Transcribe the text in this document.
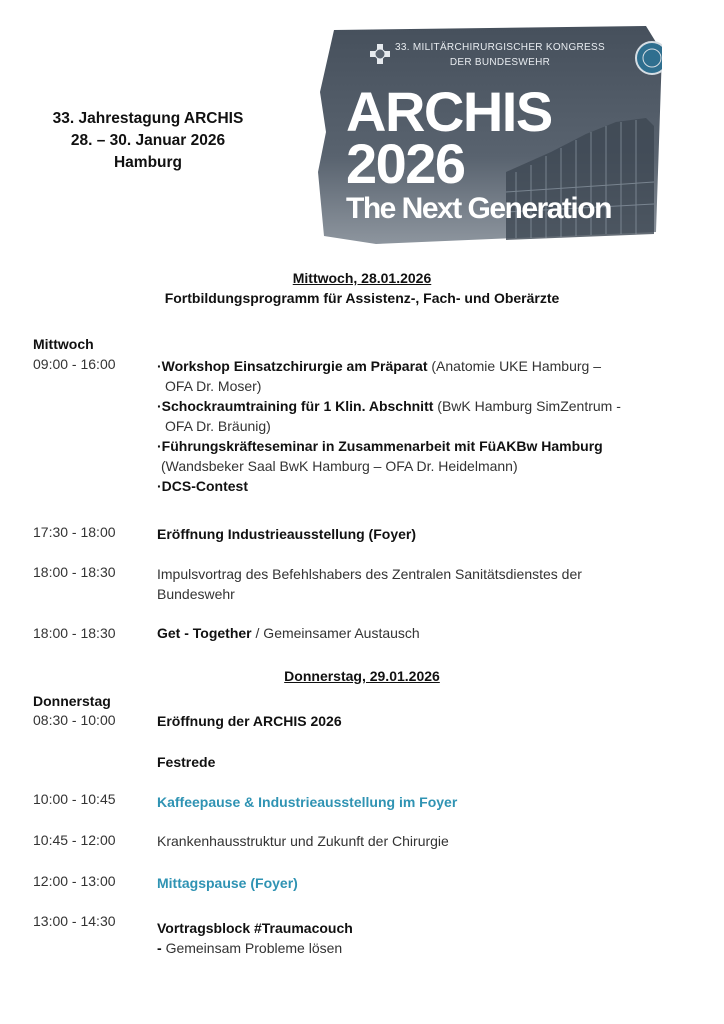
33. Jahrestagung ARCHIS
28. – 30. Januar 2026
Hamburg
33. MILITÄRCHIRURGISCHER KONGRESS
DER BUNDESWEHR
ARCHIS
2026
The Next Generation
Mittwoch, 28.01.2026
Fortbildungsprogramm für Assistenz-, Fach- und Oberärzte
Mittwoch
09:00 - 16:00	·Workshop Einsatzchirurgie am Präparat (Anatomie UKE Hamburg –
OFA Dr. Moser)
·Schockraumtraining für 1 Klin. Abschnitt (BwK Hamburg SimZentrum -
OFA Dr. Bräunig)
·Führungskräfteseminar in Zusammenarbeit mit FüAKBw Hamburg
(Wandsbeker Saal BwK Hamburg – OFA Dr. Heidelmann)
·DCS-Contest
17:30 - 18:00	Eröffnung Industrieausstellung (Foyer)
18:00 - 18:30	Impulsvortrag des Befehlshabers des Zentralen Sanitätsdienstes der
Bundeswehr
18:00 - 18:30	Get - Together / Gemeinsamer Austausch
Donnerstag, 29.01.2026
Donnerstag
08:30 - 10:00	Eröffnung der ARCHIS 2026
Festrede
10:00 - 10:45	Kaffeepause & Industrieausstellung im Foyer
10:45 - 12:00	Krankenhausstruktur und Zukunft der Chirurgie
12:00 - 13:00	Mittagspause (Foyer)
13:00 - 14:30	Vortragsblock #Traumacouch
- Gemeinsam Probleme lösen
